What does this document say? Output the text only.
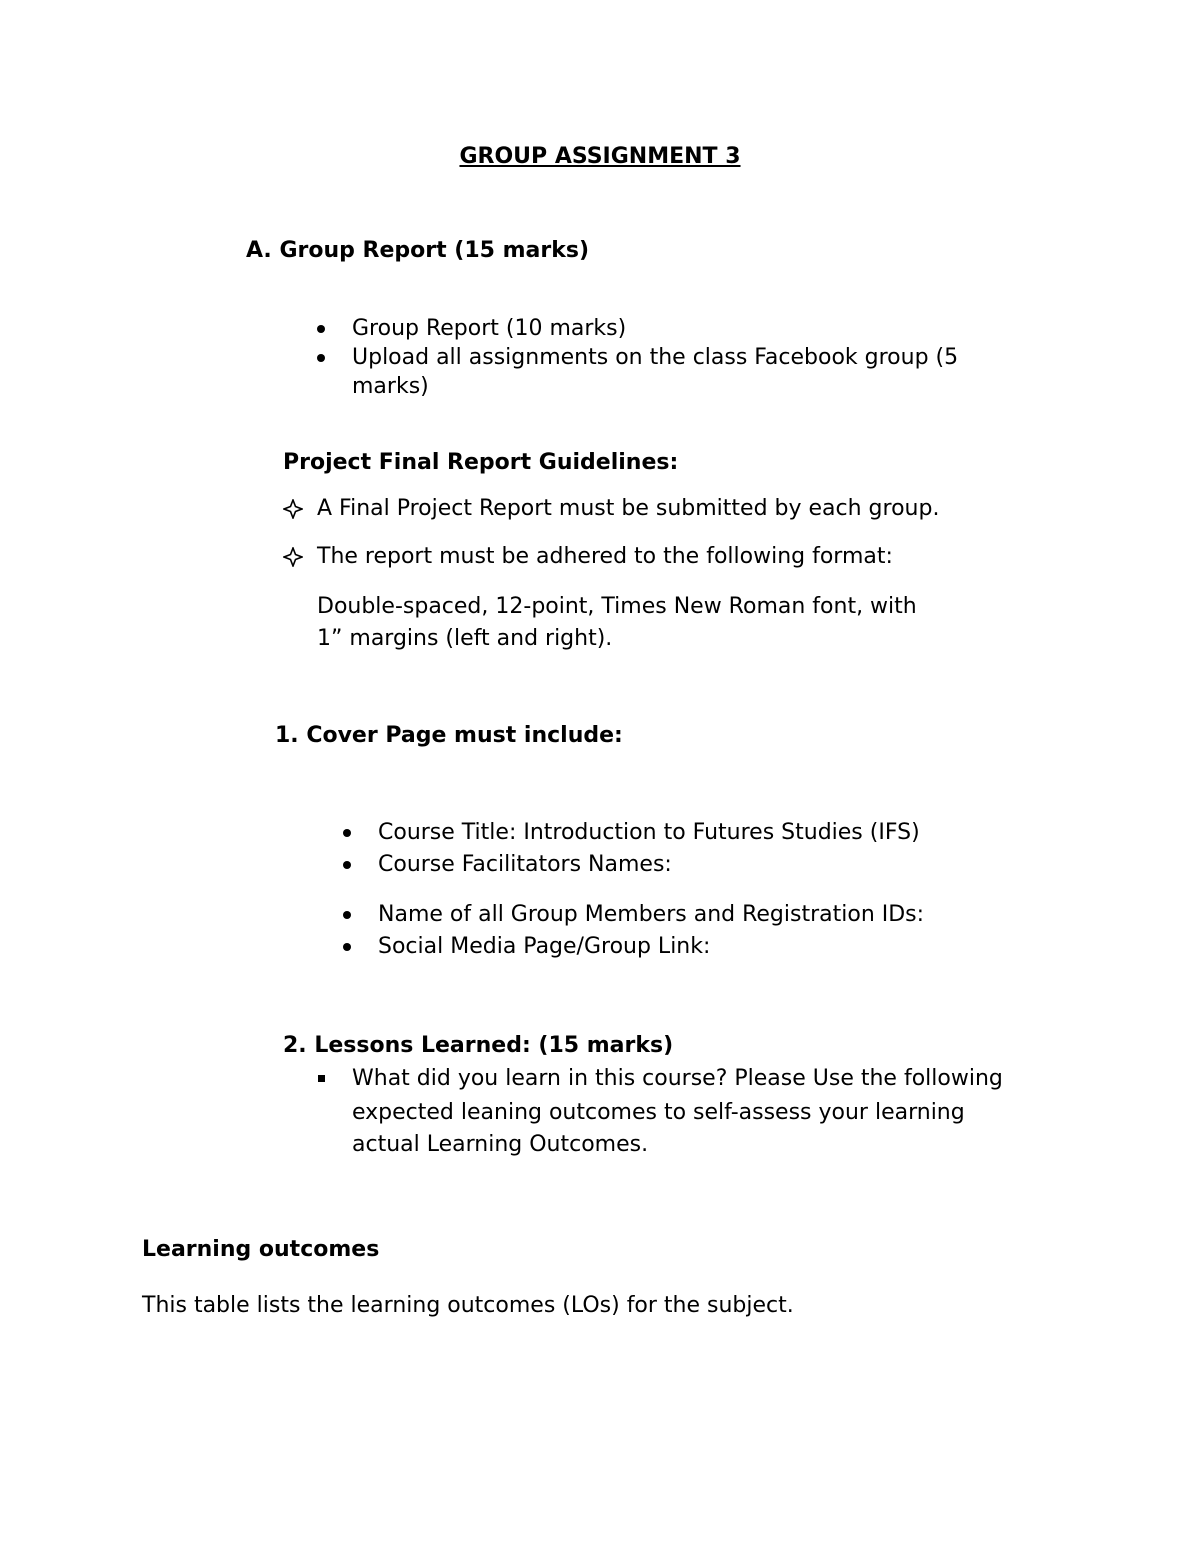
GROUP ASSIGNMENT 3
A. Group Report (15 marks)
Group Report (10 marks)
Upload all assignments on the class Facebook group (5
marks)
Project Final Report Guidelines:
A Final Project Report must be submitted by each group.
The report must be adhered to the following format:
Double-spaced, 12-point, Times New Roman font, with
1” margins (left and right).
1. Cover Page must include:
Course Title: Introduction to Futures Studies (IFS)
Course Facilitators Names:
Name of all Group Members and Registration IDs:
Social Media Page/Group Link:
2. Lessons Learned: (15 marks)
What did you learn in this course? Please Use the following
expected leaning outcomes to self-assess your learning
actual Learning Outcomes.
Learning outcomes
This table lists the learning outcomes (LOs) for the subject.
